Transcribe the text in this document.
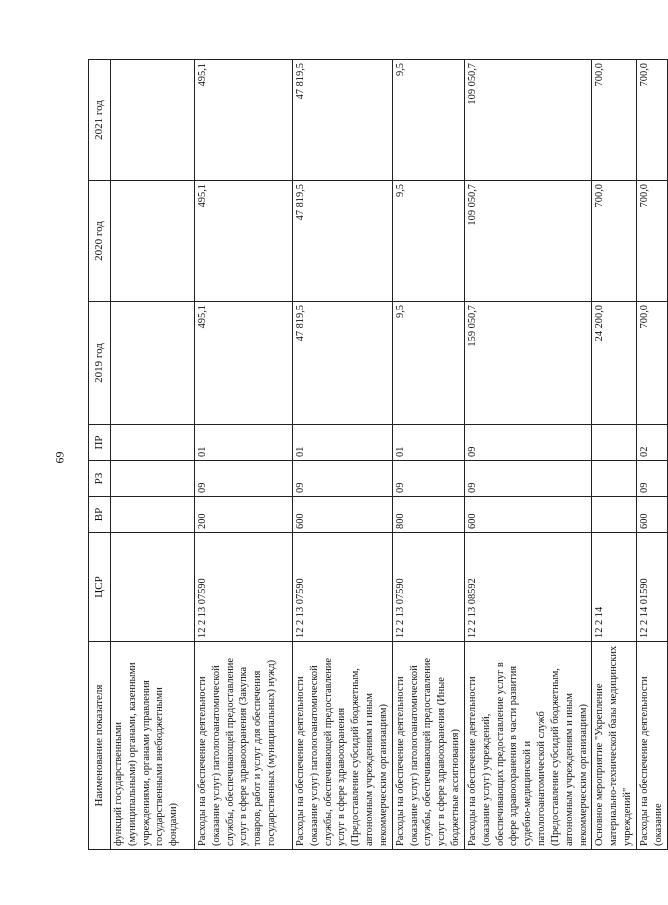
69
Наименование показателя	ЦСР	ВР	РЗ	ПР	2019 год	2020 год	2021 год
функций государственными (муниципальными) органами, казенными учреждениями, органами управления государственными внебюджетными фондами)							
Расходы на обеспечение деятельности (оказание услуг) патологоанатомической службы, обеспечивающей предоставление услуг в сфере здравоохранения (Закупка товаров, работ и услуг для обеспечения государственных (муниципальных) нужд)	12 2 13 07590	200	09	01	495,1	495,1	495,1
Расходы на обеспечение деятельности (оказание услуг) патологоанатомической службы, обеспечивающей предоставление услуг в сфере здравоохранения (Предоставление субсидий бюджетным, автономным учреждениям и иным некоммерческим организациям)	12 2 13 07590	600	09	01	47 819,5	47 819,5	47 819,5
Расходы на обеспечение деятельности (оказание услуг) патологоанатомической службы, обеспечивающей предоставление услуг в сфере здравоохранения (Иные бюджетные ассигнования)	12 2 13 07590	800	09	01	9,5	9,5	9,5
Расходы на обеспечение деятельности (оказание услуг) учреждений, обеспечивающих предоставление услуг в сфере здравоохранения в части развития судебно-медицинской и патологоанатомической служб (Предоставление субсидий бюджетным, автономным учреждениям и иным некоммерческим организациям)	12 2 13 08592	600	09	09	159 050,7	109 050,7	109 050,7
Основное мероприятие "Укрепление материально-технической базы медицинских учреждений"	12 2 14				24 200,0	700,0	700,0
Расходы на обеспечение деятельности (оказание	12 2 14 01590	600	09	02	700,0	700,0	700,0
